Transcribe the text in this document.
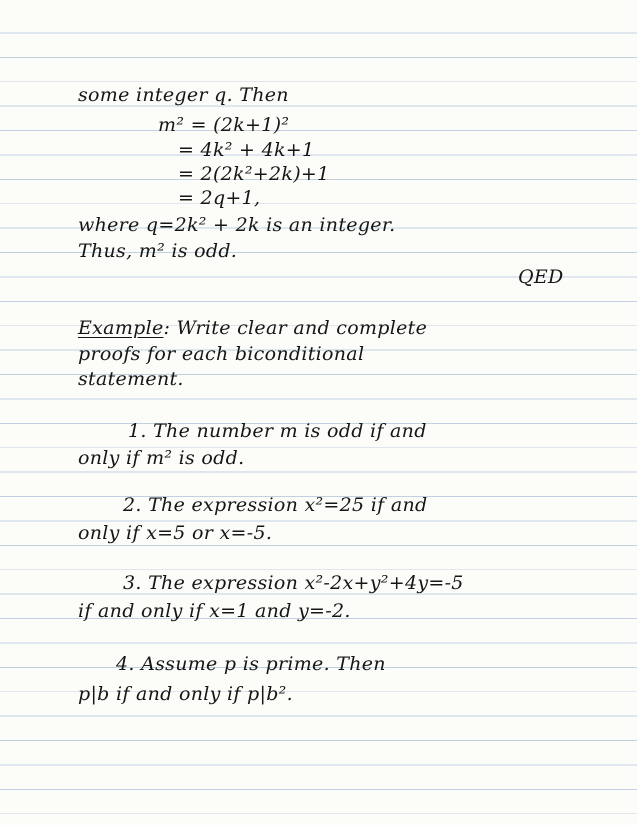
some integer q. Then

m² = (2k+1)²

= 4k² + 4k+1

= 2(2k²+2k)+1

= 2q+1,

where q=2k² + 2k is an integer.

Thus, m² is odd.

QED

Example: Write clear and complete

proofs for each biconditional

statement.

1. The number m is odd if and

only if m² is odd.

2. The expression x²=25 if and

only if x=5 or x=-5.

3. The expression x²-2x+y²+4y=-5

if and only if x=1 and y=-2.

4. Assume p is prime. Then

p|b if and only if p|b².
